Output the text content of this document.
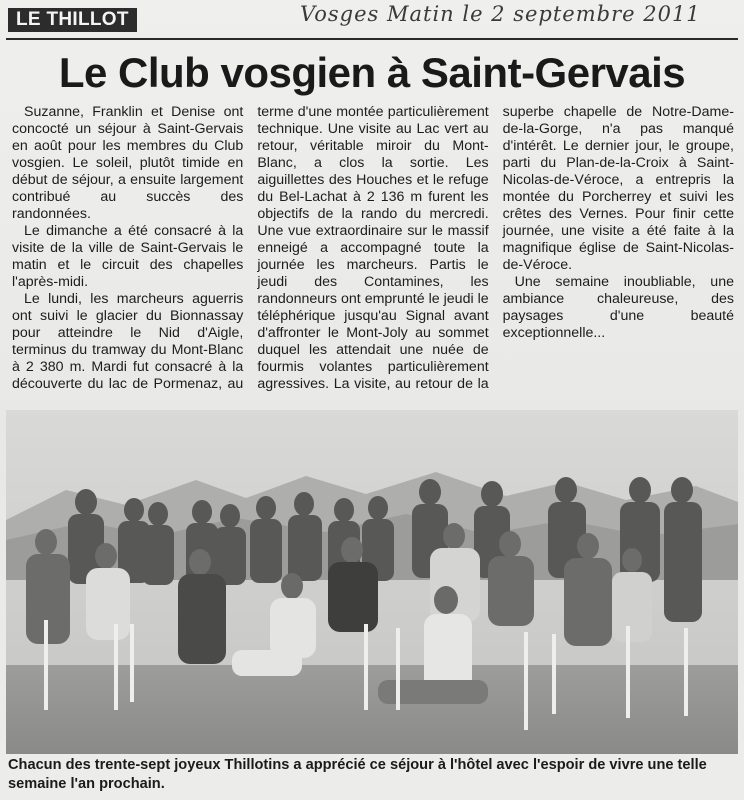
LE THILLOT	Vosges Matin le 2 septembre 2011
Le Club vosgien à Saint-Gervais

Suzanne, Franklin et Denise ont concocté un séjour à Saint-Gervais en août pour les membres du Club vosgien. Le soleil, plutôt timide en début de séjour, a ensuite largement contribué au succès des randonnées.

Le dimanche a été consacré à la visite de la ville de Saint-Gervais le matin et le circuit des chapelles l'après-midi.

Le lundi, les marcheurs aguerris ont suivi le glacier du Bionnassay pour atteindre le Nid d'Aigle, terminus du tramway du Mont-Blanc à 2 380 m. Mardi fut consacré à la découverte du lac de Pormenaz, au terme d'une montée particulièrement technique. Une visite au Lac vert au retour, véritable miroir du Mont-Blanc, a clos la sortie. Les aiguillettes des Houches et le refuge du Bel-Lachat à 2 136 m furent les objectifs de la rando du mercredi. Une vue extraordinaire sur le massif enneigé a accompagné toute la journée les marcheurs. Partis le jeudi des Contamines, les randonneurs ont emprunté le jeudi le téléphérique jusqu'au Signal avant d'affronter le Mont-Joly au sommet duquel les attendait une nuée de fourmis volantes particulièrement agressives. La visite, au retour de la superbe chapelle de Notre-Dame-de-la-Gorge, n'a pas manqué d'intérêt. Le dernier jour, le groupe, parti du Plan-de-la-Croix à Saint-Nicolas-de-Véroce, a entrepris la montée du Porcherrey et suivi les crêtes des Vernes. Pour finir cette journée, une visite a été faite à la magnifique église de Saint-Nicolas-de-Véroce.

Une semaine inoubliable, une ambiance chaleureuse, des paysages d'une beauté exceptionnelle...

Chacun des trente-sept joyeux Thillotins a apprécié ce séjour à l'hôtel avec l'espoir de vivre une telle semaine l'an prochain.
